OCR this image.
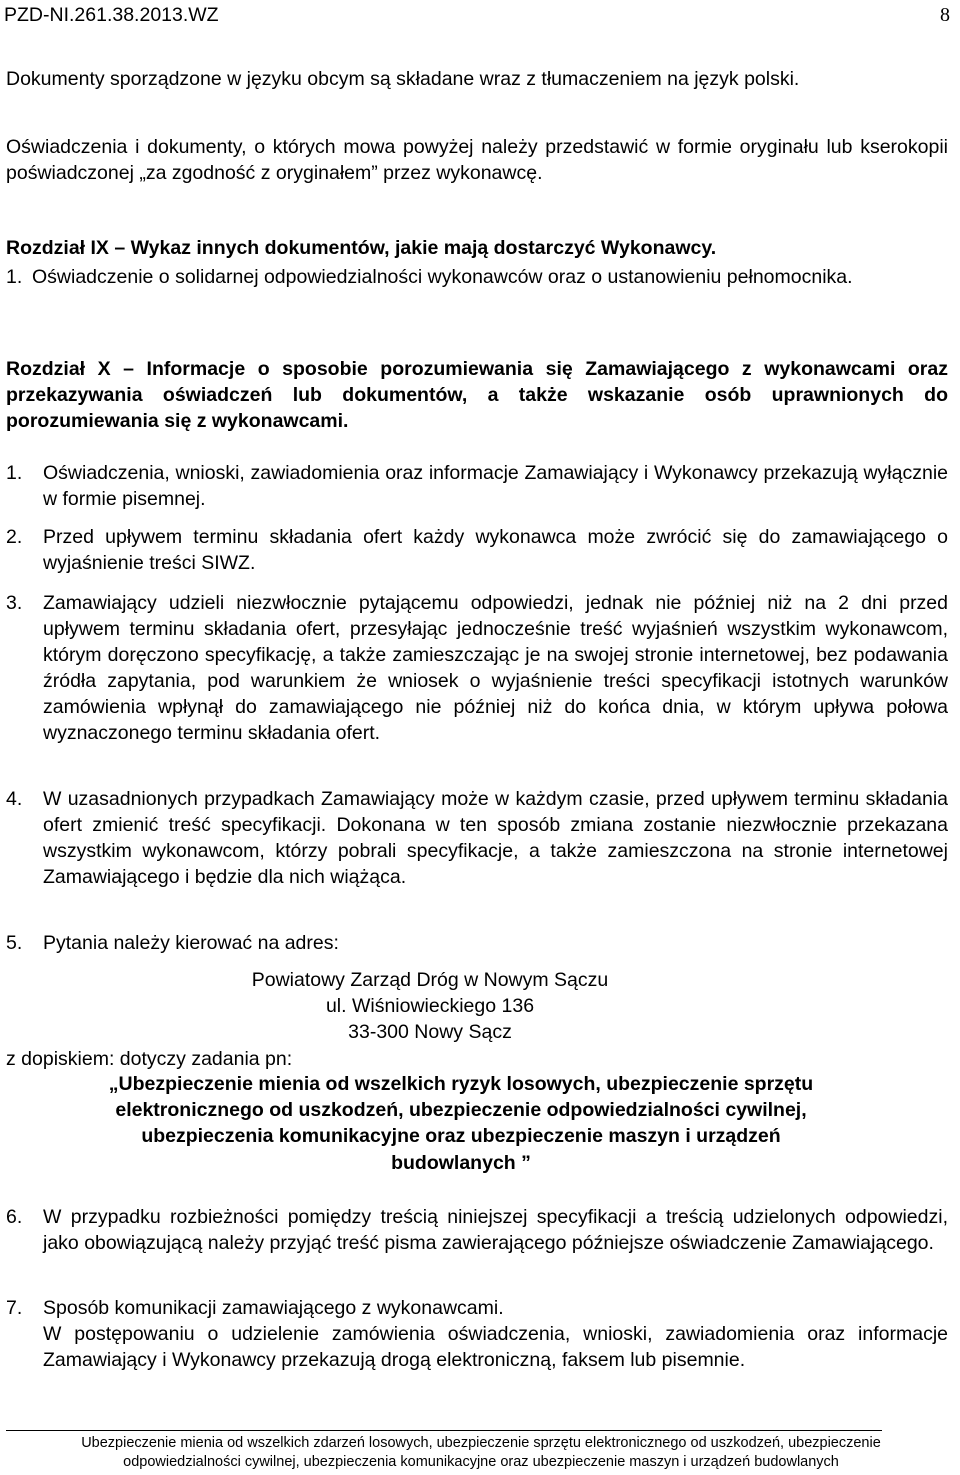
PZD-NI.261.38.2013.WZ	8
Dokumenty sporządzone w języku obcym są składane wraz z tłumaczeniem na język polski.
Oświadczenia i dokumenty, o których mowa powyżej należy przedstawić w formie oryginału lub kserokopii poświadczonej „za zgodność z oryginałem” przez wykonawcę.
Rozdział IX – Wykaz innych dokumentów, jakie mają dostarczyć Wykonawcy.
1. Oświadczenie o solidarnej odpowiedzialności wykonawców oraz o ustanowieniu pełnomocnika.
Rozdział X – Informacje o sposobie porozumiewania się Zamawiającego z wykonawcami oraz przekazywania oświadczeń lub dokumentów, a także wskazanie osób uprawnionych do porozumiewania się z wykonawcami.
1. Oświadczenia, wnioski, zawiadomienia oraz informacje Zamawiający i Wykonawcy przekazują wyłącznie w formie pisemnej.
2. Przed upływem terminu składania ofert każdy wykonawca może zwrócić się do zamawiającego o wyjaśnienie treści SIWZ.
3. Zamawiający udzieli niezwłocznie pytającemu odpowiedzi, jednak nie później niż na 2 dni przed upływem terminu składania ofert, przesyłając jednocześnie treść wyjaśnień wszystkim wykonawcom, którym doręczono specyfikację, a także zamieszczając je na swojej stronie internetowej, bez podawania źródła zapytania, pod warunkiem że wniosek o wyjaśnienie treści specyfikacji istotnych warunków zamówienia wpłynął do zamawiającego nie później niż do końca dnia, w którym upływa połowa wyznaczonego terminu składania ofert.
4. W uzasadnionych przypadkach Zamawiający może w każdym czasie, przed upływem terminu składania ofert zmienić treść specyfikacji. Dokonana w ten sposób zmiana zostanie niezwłocznie przekazana wszystkim wykonawcom, którzy pobrali specyfikacje, a także zamieszczona na stronie internetowej Zamawiającego i będzie dla nich wiążąca.
5. Pytania należy kierować na adres:
Powiatowy Zarząd Dróg w Nowym Sączu
ul. Wiśniowieckiego 136
33-300 Nowy Sącz
z dopiskiem: dotyczy zadania pn:
„Ubezpieczenie mienia od wszelkich ryzyk losowych, ubezpieczenie sprzętu
elektronicznego od uszkodzeń, ubezpieczenie odpowiedzialności cywilnej,
ubezpieczenia komunikacyjne oraz ubezpieczenie maszyn i urządzeń
budowlanych ”
6. W przypadku rozbieżności pomiędzy treścią niniejszej specyfikacji a treścią udzielonych odpowiedzi, jako obowiązującą należy przyjąć treść pisma zawierającego późniejsze oświadczenie Zamawiającego.
7. Sposób komunikacji zamawiającego z wykonawcami.
W postępowaniu o udzielenie zamówienia oświadczenia, wnioski, zawiadomienia oraz informacje Zamawiający i Wykonawcy przekazują drogą elektroniczną, faksem lub pisemnie.
Ubezpieczenie mienia od wszelkich zdarzeń losowych, ubezpieczenie sprzętu elektronicznego od uszkodzeń, ubezpieczenie
odpowiedzialności cywilnej, ubezpieczenia komunikacyjne oraz ubezpieczenie maszyn i urządzeń budowlanych
